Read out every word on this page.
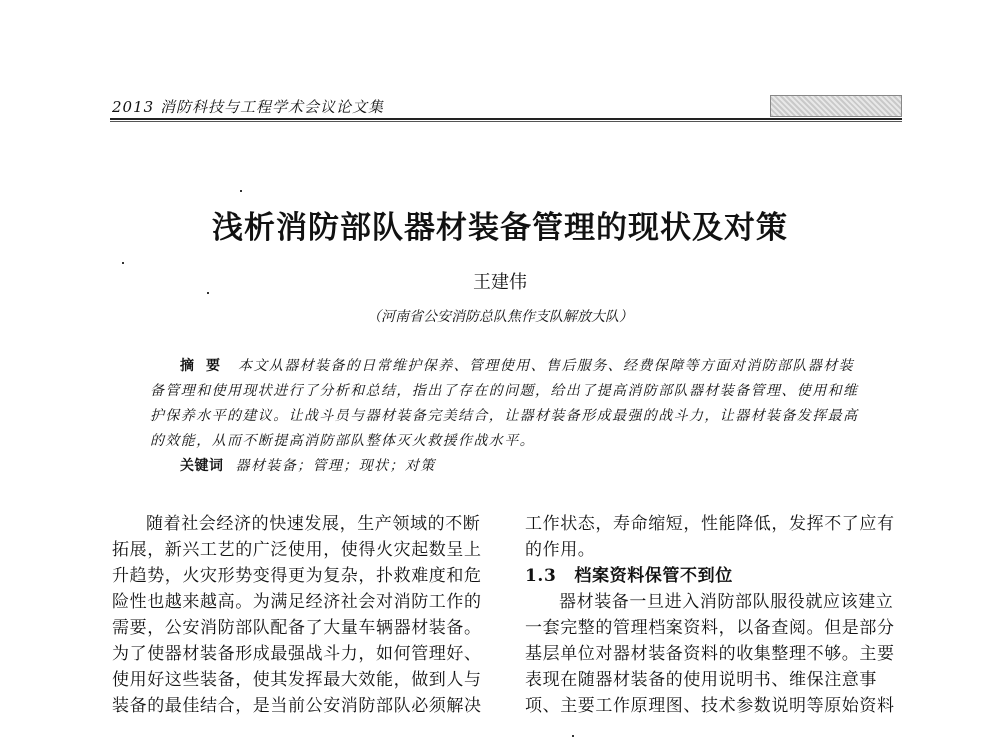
2013 消防科技与工程学术会议论文集
浅析消防部队器材装备管理的现状及对策
王建伟
（河南省公安消防总队焦作支队解放大队）
摘要 本文从器材装备的日常维护保养、管理使用、售后服务、经费保障等方面对消防部队器材装
备管理和使用现状进行了分析和总结，指出了存在的问题，给出了提高消防部队器材装备管理、使用和维
护保养水平的建议。让战斗员与器材装备完美结合，让器材装备形成最强的战斗力，让器材装备发挥最高
的效能，从而不断提高消防部队整体灭火救援作战水平。
关键词 器材装备；管理；现状；对策
随着社会经济的快速发展，生产领域的不断
拓展，新兴工艺的广泛使用，使得火灾起数呈上
升趋势，火灾形势变得更为复杂，扑救难度和危
险性也越来越高。为满足经济社会对消防工作的
需要，公安消防部队配备了大量车辆器材装备。
为了使器材装备形成最强战斗力，如何管理好、
使用好这些装备，使其发挥最大效能，做到人与
装备的最佳结合，是当前公安消防部队必须解决
工作状态，寿命缩短，性能降低，发挥不了应有
的作用。
1.3 档案资料保管不到位
器材装备一旦进入消防部队服役就应该建立
一套完整的管理档案资料，以备查阅。但是部分
基层单位对器材装备资料的收集整理不够。主要
表现在随器材装备的使用说明书、维保注意事
项、主要工作原理图、技术参数说明等原始资料
